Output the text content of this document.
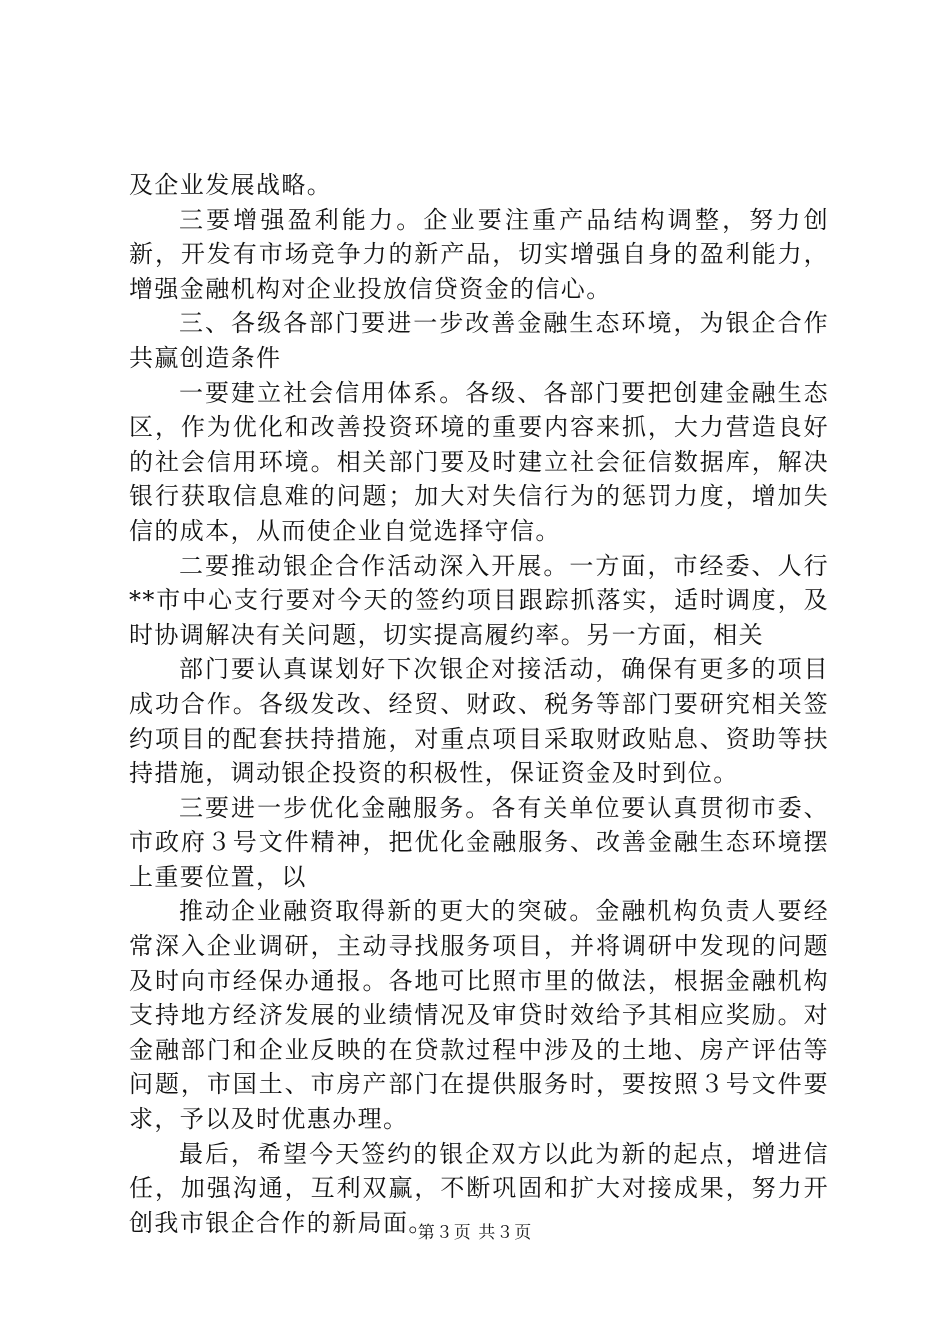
及企业发展战略。

三要增强盈利能力。企业要注重产品结构调整，努力创新，开发有市场竞争力的新产品，切实增强自身的盈利能力，增强金融机构对企业投放信贷资金的信心。

三、各级各部门要进一步改善金融生态环境，为银企合作共赢创造条件

一要建立社会信用体系。各级、各部门要把创建金融生态区，作为优化和改善投资环境的重要内容来抓，大力营造良好的社会信用环境。相关部门要及时建立社会征信数据库，解决银行获取信息难的问题；加大对失信行为的惩罚力度，增加失信的成本，从而使企业自觉选择守信。

二要推动银企合作活动深入开展。一方面，市经委、人行**市中心支行要对今天的签约项目跟踪抓落实，适时调度，及时协调解决有关问题，切实提高履约率。另一方面，相关

部门要认真谋划好下次银企对接活动，确保有更多的项目成功合作。各级发改、经贸、财政、税务等部门要研究相关签约项目的配套扶持措施，对重点项目采取财政贴息、资助等扶持措施，调动银企投资的积极性，保证资金及时到位。

三要进一步优化金融服务。各有关单位要认真贯彻市委、市政府３号文件精神，把优化金融服务、改善金融生态环境摆上重要位置，以

推动企业融资取得新的更大的突破。金融机构负责人要经常深入企业调研，主动寻找服务项目，并将调研中发现的问题及时向市经保办通报。各地可比照市里的做法，根据金融机构支持地方经济发展的业绩情况及审贷时效给予其相应奖励。对金融部门和企业反映的在贷款过程中涉及的土地、房产评估等问题，市国土、市房产部门在提供服务时，要按照３号文件要求，予以及时优惠办理。

最后，希望今天签约的银企双方以此为新的起点，增进信任，加强沟通，互利双赢，不断巩固和扩大对接成果，努力开创我市银企合作的新局面。

第３页 共３页
